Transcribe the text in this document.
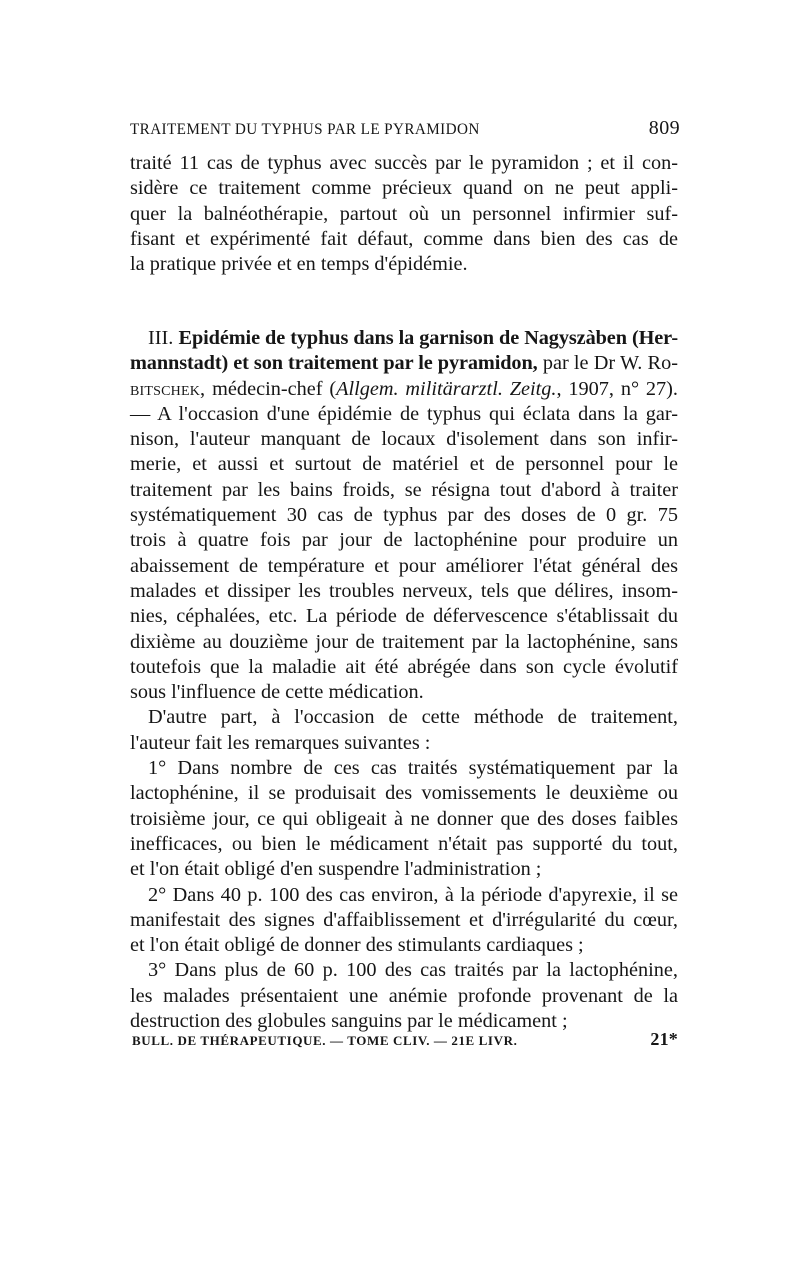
TRAITEMENT DU TYPHUS PAR LE PYRAMIDON	809
traité 11 cas de typhus avec succès par le pyramidon ; et il con-
sidère ce traitement comme précieux quand on ne peut appli-
quer la balnéothérapie, partout où un personnel infirmier suf-
fisant et expérimenté fait défaut, comme dans bien des cas de
la pratique privée et en temps d'épidémie.
III. Epidémie de typhus dans la garnison de Nagyszàben (Her-
mannstadt) et son traitement par le pyramidon, par le Dr W. Ro-
bitschek, médecin-chef (Allgem. militärarztl. Zeitg., 1907, n° 27).
— A l'occasion d'une épidémie de typhus qui éclata dans la gar-
nison, l'auteur manquant de locaux d'isolement dans son infir-
merie, et aussi et surtout de matériel et de personnel pour le
traitement par les bains froids, se résigna tout d'abord à traiter
systématiquement 30 cas de typhus par des doses de 0 gr. 75
trois à quatre fois par jour de lactophénine pour produire un
abaissement de température et pour améliorer l'état général des
malades et dissiper les troubles nerveux, tels que délires, insom-
nies, céphalées, etc. La période de défervescence s'établissait du
dixième au douzième jour de traitement par la lactophénine, sans
toutefois que la maladie ait été abrégée dans son cycle évolutif
sous l'influence de cette médication.
D'autre part, à l'occasion de cette méthode de traitement,
l'auteur fait les remarques suivantes :
1° Dans nombre de ces cas traités systématiquement par la
lactophénine, il se produisait des vomissements le deuxième ou
troisième jour, ce qui obligeait à ne donner que des doses faibles
inefficaces, ou bien le médicament n'était pas supporté du tout,
et l'on était obligé d'en suspendre l'administration ;
2° Dans 40 p. 100 des cas environ, à la période d'apyrexie, il se
manifestait des signes d'affaiblissement et d'irrégularité du cœur,
et l'on était obligé de donner des stimulants cardiaques ;
3° Dans plus de 60 p. 100 des cas traités par la lactophénine,
les malades présentaient une anémie profonde provenant de la
destruction des globules sanguins par le médicament ;
BULL. DE THÉRAPEUTIQUE. — TOME CLIV. — 21E LIVR.	21*
